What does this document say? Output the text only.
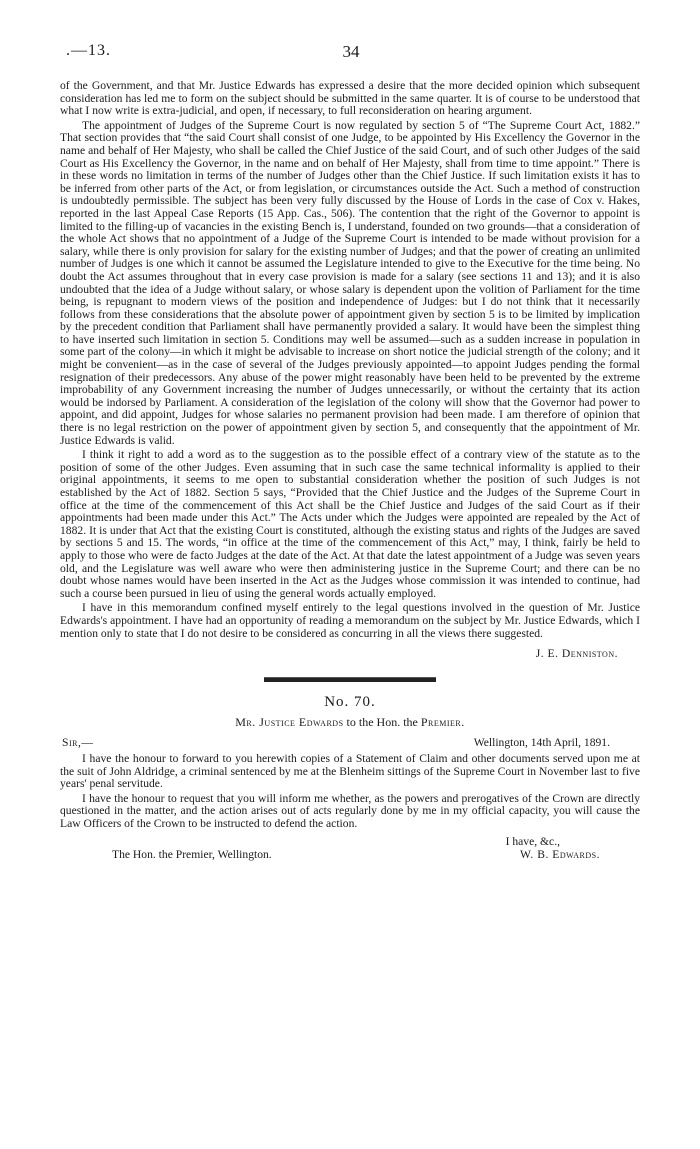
.—13.	34

of the Government, and that Mr. Justice Edwards has expressed a desire that the more decided opinion which subsequent consideration has led me to form on the subject should be submitted in the same quarter. It is of course to be understood that what I now write is extra-judicial, and open, if necessary, to full reconsideration on hearing argument.

The appointment of Judges of the Supreme Court is now regulated by section 5 of “The Supreme Court Act, 1882.” That section provides that “the said Court shall consist of one Judge, to be appointed by His Excellency the Governor in the name and behalf of Her Majesty, who shall be called the Chief Justice of the said Court, and of such other Judges of the said Court as His Excellency the Governor, in the name and on behalf of Her Majesty, shall from time to time appoint.” There is in these words no limitation in terms of the number of Judges other than the Chief Justice. If such limitation exists it has to be inferred from other parts of the Act, or from legislation, or circumstances outside the Act. Such a method of construction is undoubtedly permissible. The subject has been very fully discussed by the House of Lords in the case of Cox v. Hakes, reported in the last Appeal Case Reports (15 App. Cas., 506). The contention that the right of the Governor to appoint is limited to the filling-up of vacancies in the existing Bench is, I understand, founded on two grounds—that a consideration of the whole Act shows that no appointment of a Judge of the Supreme Court is intended to be made without provision for a salary, while there is only provision for salary for the existing number of Judges; and that the power of creating an unlimited number of Judges is one which it cannot be assumed the Legislature intended to give to the Executive for the time being. No doubt the Act assumes throughout that in every case provision is made for a salary (see sections 11 and 13); and it is also undoubted that the idea of a Judge without salary, or whose salary is dependent upon the volition of Parliament for the time being, is repugnant to modern views of the position and independence of Judges: but I do not think that it necessarily follows from these considerations that the absolute power of appointment given by section 5 is to be limited by implication by the precedent condition that Parliament shall have permanently provided a salary. It would have been the simplest thing to have inserted such limitation in section 5. Conditions may well be assumed—such as a sudden increase in population in some part of the colony—in which it might be advisable to increase on short notice the judicial strength of the colony; and it might be convenient—as in the case of several of the Judges previously appointed—to appoint Judges pending the formal resignation of their predecessors. Any abuse of the power might reasonably have been held to be prevented by the extreme improbability of any Government increasing the number of Judges unnecessarily, or without the certainty that its action would be indorsed by Parliament. A consideration of the legislation of the colony will show that the Governor had power to appoint, and did appoint, Judges for whose salaries no permanent provision had been made. I am therefore of opinion that there is no legal restriction on the power of appointment given by section 5, and consequently that the appointment of Mr. Justice Edwards is valid.

I think it right to add a word as to the suggestion as to the possible effect of a contrary view of the statute as to the position of some of the other Judges. Even assuming that in such case the same technical informality is applied to their original appointments, it seems to me open to substantial consideration whether the position of such Judges is not established by the Act of 1882. Section 5 says, “Provided that the Chief Justice and the Judges of the Supreme Court in office at the time of the commencement of this Act shall be the Chief Justice and Judges of the said Court as if their appointments had been made under this Act.” The Acts under which the Judges were appointed are repealed by the Act of 1882. It is under that Act that the existing Court is constituted, although the existing status and rights of the Judges are saved by sections 5 and 15. The words, “in office at the time of the commencement of this Act,” may, I think, fairly be held to apply to those who were de facto Judges at the date of the Act. At that date the latest appointment of a Judge was seven years old, and the Legislature was well aware who were then administering justice in the Supreme Court; and there can be no doubt whose names would have been inserted in the Act as the Judges whose commission it was intended to continue, had such a course been pursued in lieu of using the general words actually employed.

I have in this memorandum confined myself entirely to the legal questions involved in the question of Mr. Justice Edwards's appointment. I have had an opportunity of reading a memorandum on the subject by Mr. Justice Edwards, which I mention only to state that I do not desire to be considered as concurring in all the views there suggested.

J. E. Denniston.
No. 70.
Mr. Justice Edwards to the Hon. the Premier.
Sir,—	Wellington, 14th April, 1891.

I have the honour to forward to you herewith copies of a Statement of Claim and other documents served upon me at the suit of John Aldridge, a criminal sentenced by me at the Blenheim sittings of the Supreme Court in November last to five years' penal servitude.

I have the honour to request that you will inform me whether, as the powers and prerogatives of the Crown are directly questioned in the matter, and the action arises out of acts regularly done by me in my official capacity, you will cause the Law Officers of the Crown to be instructed to defend the action.

I have, &c.,
The Hon. the Premier, Wellington.	W. B. Edwards.
